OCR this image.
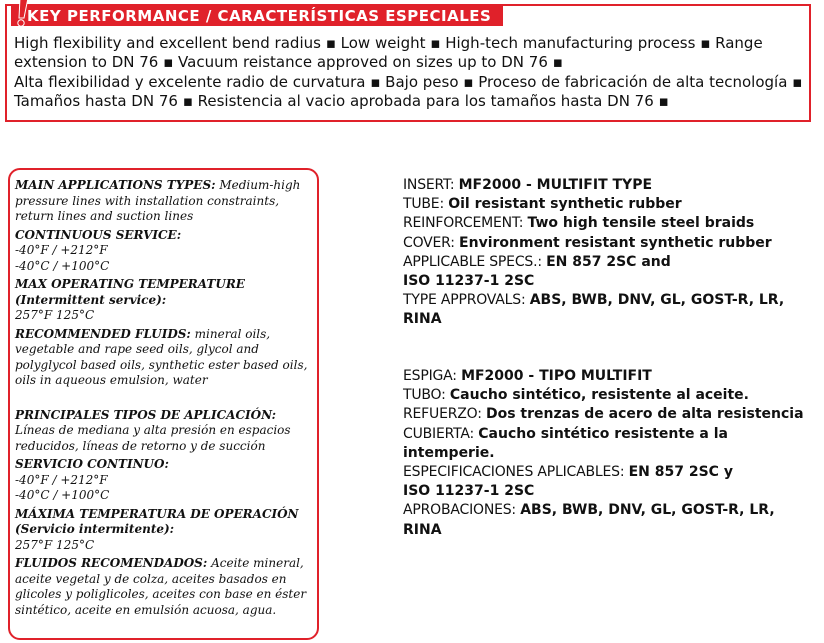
KEY PERFORMANCE / CARACTERÍSTICAS ESPECIALES

High flexibility and excellent bend radius ▪ Low weight ▪ High-tech manufacturing process ▪ Range extension to DN 76 ▪ Vacuum reistance approved on sizes up to DN 76 ▪

Alta flexibilidad y excelente radio de curvatura ▪ Bajo peso ▪ Proceso de fabricación de alta tecnología ▪ Tamaños hasta DN 76 ▪ Resistencia al vacio aprobada para los tamaños hasta DN 76 ▪

MAIN APPLICATIONS TYPES: Medium-high pressure lines with installation constraints, return lines and suction lines
CONTINUOUS SERVICE:
-40°F / +212°F
-40°C / +100°C
MAX OPERATING TEMPERATURE (Intermittent service):
257°F 125°C
RECOMMENDED FLUIDS: mineral oils, vegetable and rape seed oils, glycol and polyglycol based oils, synthetic ester based oils, oils in aqueous emulsion, water
PRINCIPALES TIPOS DE APLICACIÓN:
Líneas de mediana y alta presión en espacios reducidos, líneas de retorno y de succión
SERVICIO CONTINUO:
-40°F / +212°F
-40°C / +100°C
MÁXIMA TEMPERATURA DE OPERACIÓN (Servicio intermitente):
257°F 125°C
FLUIDOS RECOMENDADOS: Aceite mineral, aceite vegetal y de colza, aceites basados en glicoles y poliglicoles, aceites con base en éster sintético, aceite en emulsión acuosa, agua.
INSERT: MF2000 - MULTIFIT TYPE
TUBE: Oil resistant synthetic rubber
REINFORCEMENT: Two high tensile steel braids
COVER: Environment resistant synthetic rubber
APPLICABLE SPECS.: EN 857 2SC and
ISO 11237-1 2SC
TYPE APPROVALS: ABS, BWB, DNV, GL, GOST-R, LR,
RINA
ESPIGA: MF2000 - TIPO MULTIFIT
TUBO: Caucho sintético, resistente al aceite.
REFUERZO: Dos trenzas de acero de alta resistencia
CUBIERTA: Caucho sintético resistente a la intemperie.
ESPECIFICACIONES APLICABLES: EN 857 2SC y
ISO 11237-1 2SC
APROBACIONES: ABS, BWB, DNV, GL, GOST-R, LR,
RINA
